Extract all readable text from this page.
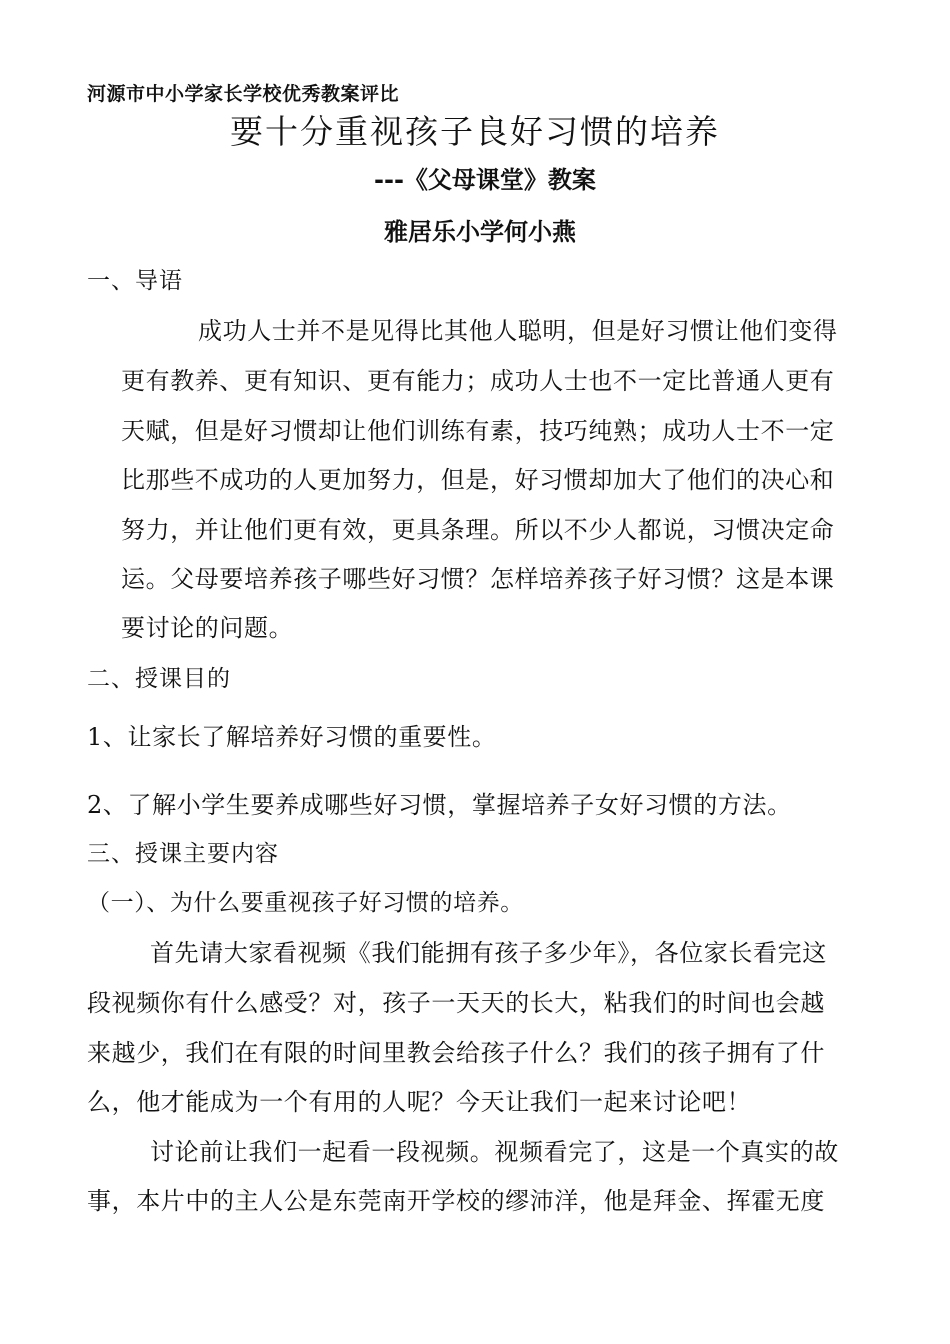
河源市中小学家长学校优秀教案评比
要十分重视孩子良好习惯的培养
---《父母课堂》教案
雅居乐小学何小燕
一、导语
成功人士并不是见得比其他人聪明，但是好习惯让他们变得
更有教养、更有知识、更有能力；成功人士也不一定比普通人更有
天赋，但是好习惯却让他们训练有素，技巧纯熟；成功人士不一定
比那些不成功的人更加努力，但是，好习惯却加大了他们的决心和
努力，并让他们更有效，更具条理。所以不少人都说，习惯决定命
运。父母要培养孩子哪些好习惯？怎样培养孩子好习惯？这是本课
要讨论的问题。
二、授课目的
1、让家长了解培养好习惯的重要性。
2、了解小学生要养成哪些好习惯，掌握培养子女好习惯的方法。
三、授课主要内容
（一）、为什么要重视孩子好习惯的培养。
首先请大家看视频《我们能拥有孩子多少年》，各位家长看完这
段视频你有什么感受？对，孩子一天天的长大，粘我们的时间也会越
来越少，我们在有限的时间里教会给孩子什么？我们的孩子拥有了什
么，他才能成为一个有用的人呢？今天让我们一起来讨论吧！
讨论前让我们一起看一段视频。视频看完了，这是一个真实的故
事，本片中的主人公是东莞南开学校的缪沛洋，他是拜金、挥霍无度
